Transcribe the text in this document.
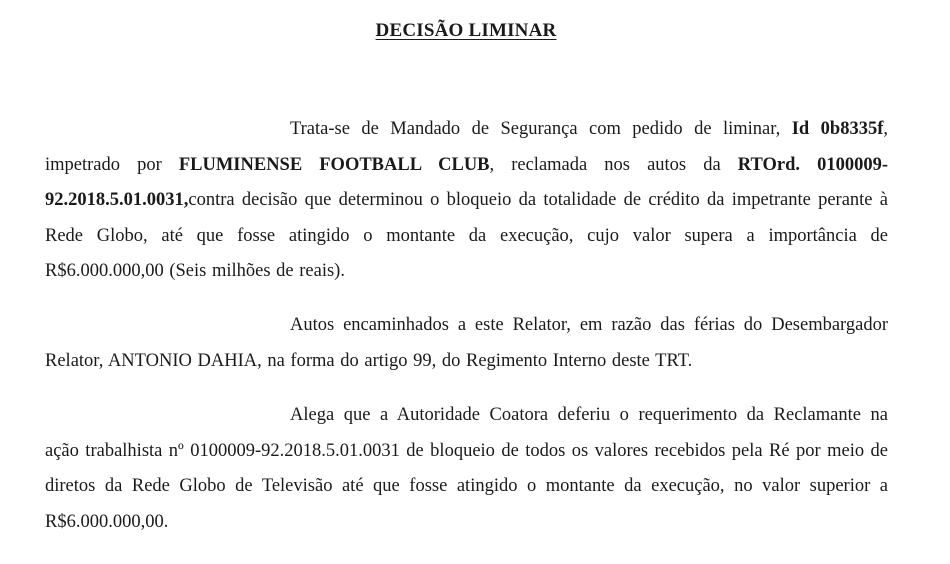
DECISÃO LIMINAR

Trata-se de Mandado de Segurança com pedido de liminar, Id 0b8335f, impetrado por FLUMINENSE FOOTBALL CLUB, reclamada nos autos da RTOrd. 0100009-92.2018.5.01.0031,contra decisão que determinou o bloqueio da totalidade de crédito da impetrante perante à Rede Globo, até que fosse atingido o montante da execução, cujo valor supera a importância de R$6.000.000,00 (Seis milhões de reais).

Autos encaminhados a este Relator, em razão das férias do Desembargador Relator, ANTONIO DAHIA, na forma do artigo 99, do Regimento Interno deste TRT.

Alega que a Autoridade Coatora deferiu o requerimento da Reclamante na ação trabalhista nº 0100009-92.2018.5.01.0031 de bloqueio de todos os valores recebidos pela Ré por meio de diretos da Rede Globo de Televisão até que fosse atingido o montante da execução, no valor superior a R$6.000.000,00.
